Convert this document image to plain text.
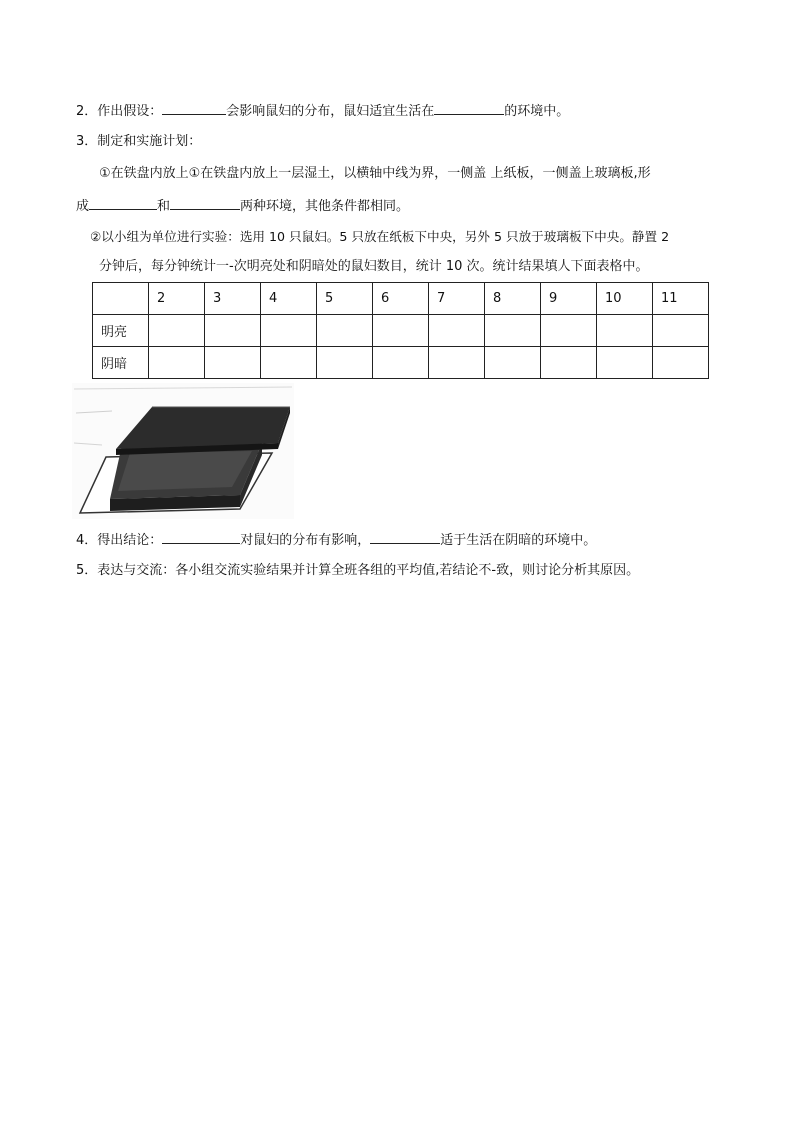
2．作出假设：	会影响鼠妇的分布，鼠妇适宜生活在	的环境中。
3．制定和实施计划：
①在铁盘内放上①在铁盘内放上一层湿土，以横轴中线为界，一侧盖 上纸板，一侧盖上玻璃板,形
成	和	两种环境，其他条件都相同。
②以小组为单位进行实验：选用 10 只鼠妇。5 只放在纸板下中央，另外 5 只放于玻璃板下中央。静置 2
分钟后，每分钟统计一-次明亮处和阴暗处的鼠妇数目，统计 10 次。统计结果填人下面表格中。
	2	3	4	5	6	7	8	9	10	11
明亮										
阴暗										
4．得出结论：	对鼠妇的分布有影响，	适于生活在阴暗的环境中。
5．表达与交流：各小组交流实验结果并计算全班各组的平均值,若结论不-致，则讨论分析其原因。
